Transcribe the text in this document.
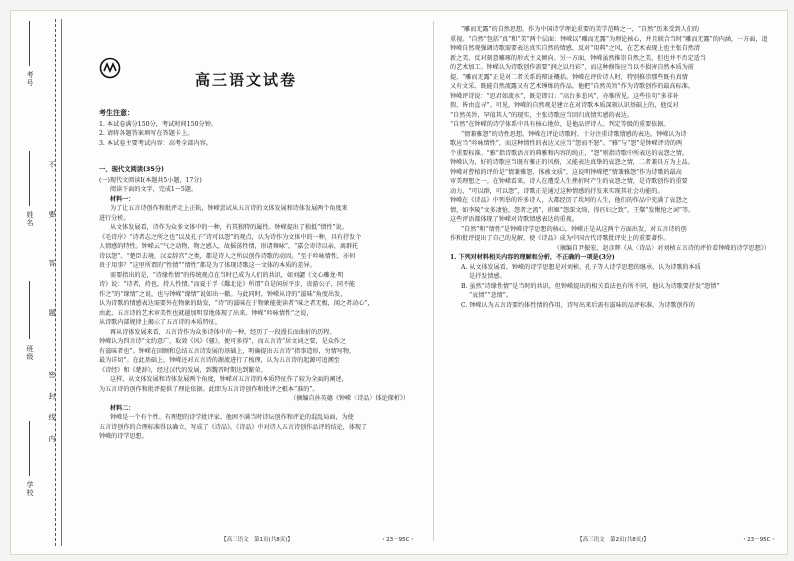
学校
班级
姓名
考号
不 要 答 题
密 封 线 内
高三语文试卷
考生注意：
1. 本试卷满分150分，考试时间150分钟。
2. 请将各题答案填写在答题卡上。
3. 本试卷主要考试内容：高考全部内容。
一、现代文阅读(35分)
(一)现代文阅读Ⅰ(本题共5小题，17分)
阅读下面的文字，完成1～5题。
材料一：
为了让五言诗创作和批评走上正轨，钟嵘尝试从五言诗的文体发展和诗体发展两个角度来
进行分析。
从文体发展看，诗作为众多文体中的一种，有其独特的属性。钟嵘提出了独抵“情性”说。
《毛诗序》“诗者志之所之也”以及孔子“诗可以怨”的观点，认为诗作为文体中的一种，具有抒发个
人情感的特性。钟嵘云“气之动物，物之感人，故摇荡性情，形诸舞咏”，“嘉会寄诗以亲，离群托
诗以怨”。“楚臣去境，汉妾辞宫”之类，都是诗人之所以创作诗歌的动因。“至于吟咏情性，亦何
贵于用事？”这里所谓的“性情”“情性”都是为了体现诗歌这一文体的本质的差异。
需要指出的是，“诗缘性情”的传统观点在当时已成为人们的共识，如刘勰《文心雕龙·明
诗》说：“诗者，持也，持人性情。”而夏于孚《鄱北论》所谓“自是闲居平步，贵游公子，同不能
作之”的“缘情”之说，也与钟嵘“缘情”说如出一辙。与此同时，钟嵘从诗的“滋味”角度出发，
认为诗歌的情感表达需要外在物象的助发，“诗”的滋味在于物象能使读者“味之者无极，闻之者动心”，
由此，五言诗的艺术审美性也就越加明显地体现了出来。钟嵘“吟咏情性”之说，
从诗歌内部规律上揭示了五言诗的本质特征。
再从诗体发展来看，五言诗作为众多诗体中的一种，经历了一段漫长而曲折的历程。
钟嵘认为四言诗“文约意广，取效《风》《骚》，便可多得”，而五言诗“居文词之要，是众作之
有滋味者也”。钟嵘在回顾和总结五言诗发展的基础上，明确提出五言诗“指事造形，穷情写物，
最为详切”。在此基础上，钟嵘还对五言诗的源流进行了梳理，认为五言诗的起源可追溯至
《诗经》和《楚辞》，经过汉代的发展，到魏晋时期达到繁荣。
这样，从文体发展和诗体发展两个角度，钟嵘对五言诗的本质特征作了较为全面的阐述，
为五言诗的创作和批评提供了理论依据。此即为五言诗创作和批评之根本“准的”。
（摘编自孙英德《钟嵘〈诗品〉体论探析》）
材料二：
钟嵘是一个有个性、有理想的诗学批评家。他困不满当时诗坛创作和评论的混乱局面，为使
五言诗创作的合理标准得以确立，写成了《诗品》。《诗品》中对诗人五言诗创作品评的结论，体现了
钟嵘的诗学思想。
“雕而无露”的自然思想。作为中国诗学理论重要的美学范畴之一，“自然”历来受到人们的
重视。“自然”包括“真”和“美”两个层面：钟嵘以“雕而无露”为理论核心，并且联合当时“雕而无露”的内涵，一方面，追
钟嵘自然观强调诗歌需要表达真实自然的情感，反对“用典”之风，在艺术表现上也主张自然清
新之美，反对刻意雕琢的形式主义倾向。另一方面，钟嵘虽然推崇自然之美，但也并不否定适当
的艺术加工。钟嵘认为诗歌创作需要“润之以丹彩”，而这种修饰应当以不损害自然本质为前
提，“雕而无露”正是对二者关系的辩证概括。钟嵘在评价诗人时，特别推崇那些既有真情
又有文采、既能自然流露又有艺术锤炼的作品，他把“自然英旨”作为诗歌创作的最高标准。
钟嵘评诗说：“思君如流水”，既是即目；“高台多悲风”，亦惟所见。这些佳句“多非补
假，皆由直寻”。可见，钟嵘的自然观是建立在对诗歌本质深刻认识基础上的，他反对
“自然英旨，罕值其人”的现实，主张诗歌应当回归真情实感的表达。
“自然”在钟嵘的诗学体系中具有核心地位，是他品评诗人、判定等级的重要依据。
“情兼雅怨”的诗性思想。钟嵘在评论诗歌时，十分注重诗歌情感的表达。钟嵘认为诗
歌应当“吟咏情性”，而这种情性的表达又应当“怨而不怒”。“雅”与“怨”是钟嵘评诗的两
个重要标准。“雅”指诗歌语言的典雅和内容的纯正，“怨”则指诗歌中所表达的哀怨之情。
钟嵘认为，好的诗歌应当既有雅正的风格，又能表达真挚的哀怨之情，二者兼具方为上品。
钟嵘对曹植的评价是“情兼雅怨，体被文质”，这说明钟嵘把“情兼雅怨”作为诗歌的最高
审美理想之一。在钟嵘看来，诗人在遭受人生挫折时产生的哀怨之情，是诗歌创作的重要
动力，“可以群，可以怨”，诗歌正是通过这种情感的抒发来实现其社会功能的。
钟嵘在《诗品》中列举的许多诗人，大都经历了坎坷的人生，他们的作品中充满了哀怨之
情，如李陵“文多凄怆，怨者之流”，班姬“怨深文绮，得匹妇之致”，王粲“发愀怆之词”等。
这些评语都体现了钟嵘对诗歌情感表达的重视。
“自然”和“情性”是钟嵘诗学思想的核心，钟嵘正是从这两个方面出发，对五言诗的创
作和批评提出了自己的见解，使《诗品》成为中国古代诗歌批评史上的重要著作。
（摘编自尹振宏、赵彦辉《从〈诗品〉对刘桢五言诗的评价看钟嵘的诗学思想》）
1. 下列对材料相关内容的理解和分析，不正确的一项是(3分)
A. 从文体发展看，钟嵘的诗学思想是对刘桢、孔子等人诗学思想的继承，认为诗歌的本质
是抒发情感。
B. 虽然“诗缘性情”是当时的共识，但钟嵘提出的相关看法也有所不同，他认为诗歌要抒发“怨情”
“哀情”“悲情”。
C. 钟嵘认为五言诗要约体性情的作用，诗写出来后需有滋味的品评标准，为诗歌创作的
【高三语文　第1页(共8页)】	・23－95C・	【高三语文　第2页(共8页)】	・23－95C・
